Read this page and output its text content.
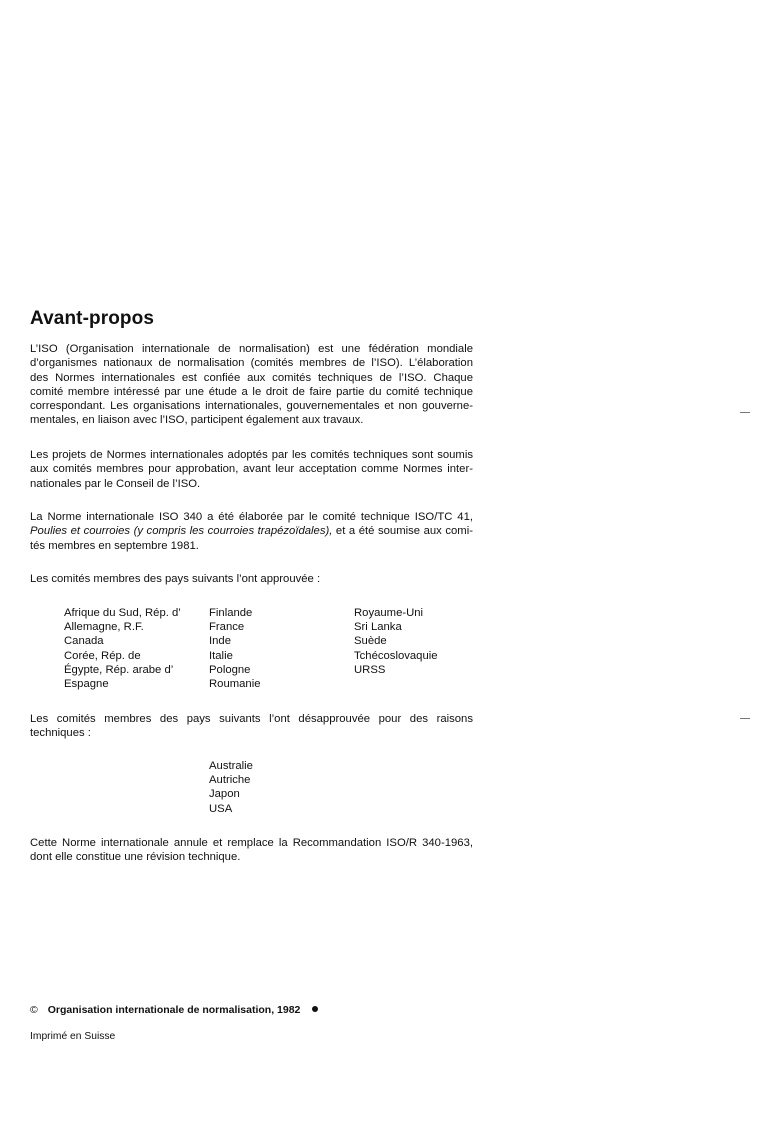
Avant-propos

L’ISO (Organisation internationale de normalisation) est une fédération mondiale
d’organismes nationaux de normalisation (comités membres de l’ISO). L’élaboration
des Normes internationales est confiée aux comités techniques de l’ISO. Chaque
comité membre intéressé par une étude a le droit de faire partie du comité technique
correspondant. Les organisations internationales, gouvernementales et non gouverne-
mentales, en liaison avec l’ISO, participent également aux travaux.

Les projets de Normes internationales adoptés par les comités techniques sont soumis
aux comités membres pour approbation, avant leur acceptation comme Normes inter-
nationales par le Conseil de l’ISO.

La Norme internationale ISO 340 a été élaborée par le comité technique ISO/TC 41,
Poulies et courroies (y compris les courroies trapézoïdales), et a été soumise aux comi-
tés membres en septembre 1981.

Les comités membres des pays suivants l’ont approuvée :

Afrique du Sud, Rép. d’
Allemagne, R.F.
Canada
Corée, Rép. de
Égypte, Rép. arabe d’
Espagne
Finlande
France
Inde
Italie
Pologne
Roumanie
Royaume-Uni
Sri Lanka
Suède
Tchécoslovaquie
URSS

Les comités membres des pays suivants l’ont désapprouvée pour des raisons
techniques :

Australie
Autriche
Japon
USA

Cette Norme internationale annule et remplace la Recommandation ISO/R 340-1963,
dont elle constitue une révision technique.

© Organisation internationale de normalisation, 1982
Imprimé en Suisse
